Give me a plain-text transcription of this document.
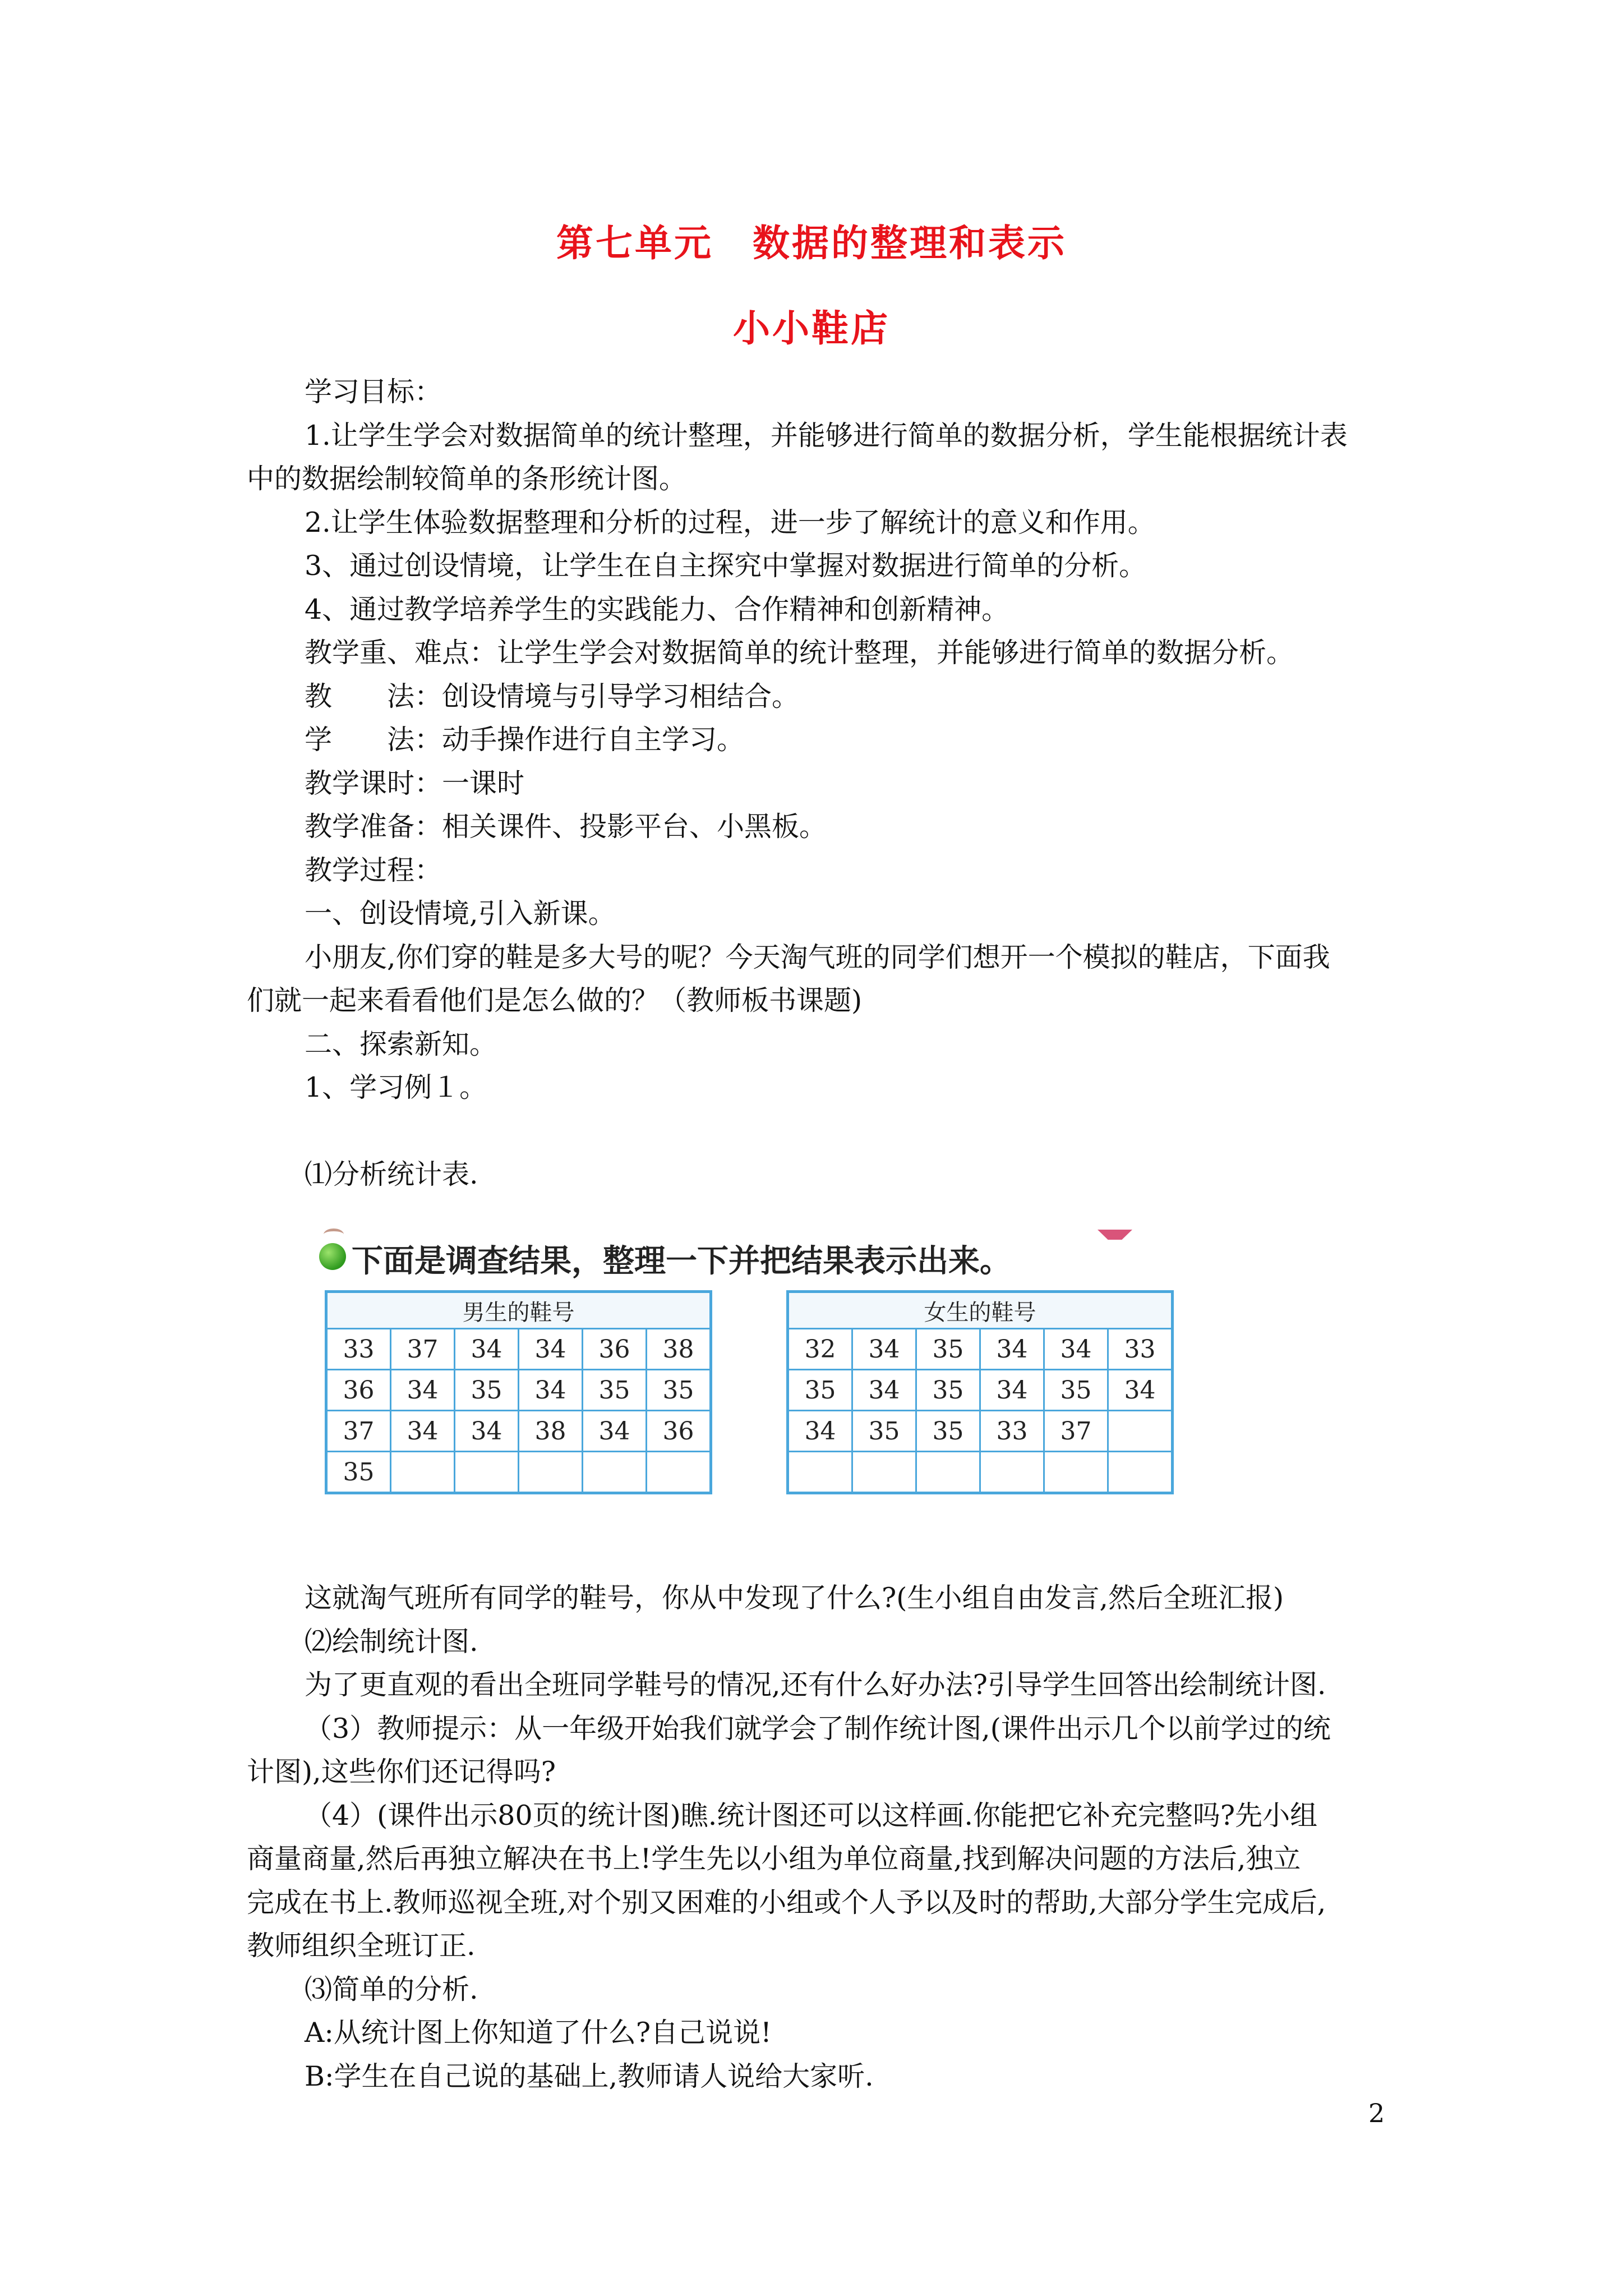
第七单元 数据的整理和表示
小小鞋店
学习目标：
1.让学生学会对数据简单的统计整理，并能够进行简单的数据分析，学生能根据统计表
中的数据绘制较简单的条形统计图。
2.让学生体验数据整理和分析的过程，进一步了解统计的意义和作用。
3、通过创设情境，让学生在自主探究中掌握对数据进行简单的分析。
4、通过教学培养学生的实践能力、合作精神和创新精神。
教学重、难点：让学生学会对数据简单的统计整理，并能够进行简单的数据分析。
教　　法：创设情境与引导学习相结合。
学　　法：动手操作进行自主学习。
教学课时：一课时
教学准备：相关课件、投影平台、小黑板。
教学过程：
一、创设情境,引入新课。
小朋友,你们穿的鞋是多大号的呢？今天淘气班的同学们想开一个模拟的鞋店，下面我
们就一起来看看他们是怎么做的？（教师板书课题)
二、探索新知。
1、学习例１。
⑴分析统计表.
这就淘气班所有同学的鞋号，你从中发现了什么?(生小组自由发言,然后全班汇报)
⑵绘制统计图.
为了更直观的看出全班同学鞋号的情况,还有什么好办法?引导学生回答出绘制统计图.
（3）教师提示：从一年级开始我们就学会了制作统计图,(课件出示几个以前学过的统
计图),这些你们还记得吗?
（4）(课件出示80页的统计图)瞧.统计图还可以这样画.你能把它补充完整吗?先小组
商量商量,然后再独立解决在书上!学生先以小组为单位商量,找到解决问题的方法后,独立
完成在书上.教师巡视全班,对个别又困难的小组或个人予以及时的帮助,大部分学生完成后,
教师组织全班订正.
⑶简单的分析.
A:从统计图上你知道了什么?自己说说!
B:学生在自己说的基础上,教师请人说给大家听.
下面是调查结果，整理一下并把结果表示出来。
男生的鞋号					
33	37	34	34	36	38
36	34	35	34	35	35
37	34	34	38	34	36
35					
女生的鞋号					
32	34	35	34	34	33
35	34	35	34	35	34
34	35	35	33	37	

2
